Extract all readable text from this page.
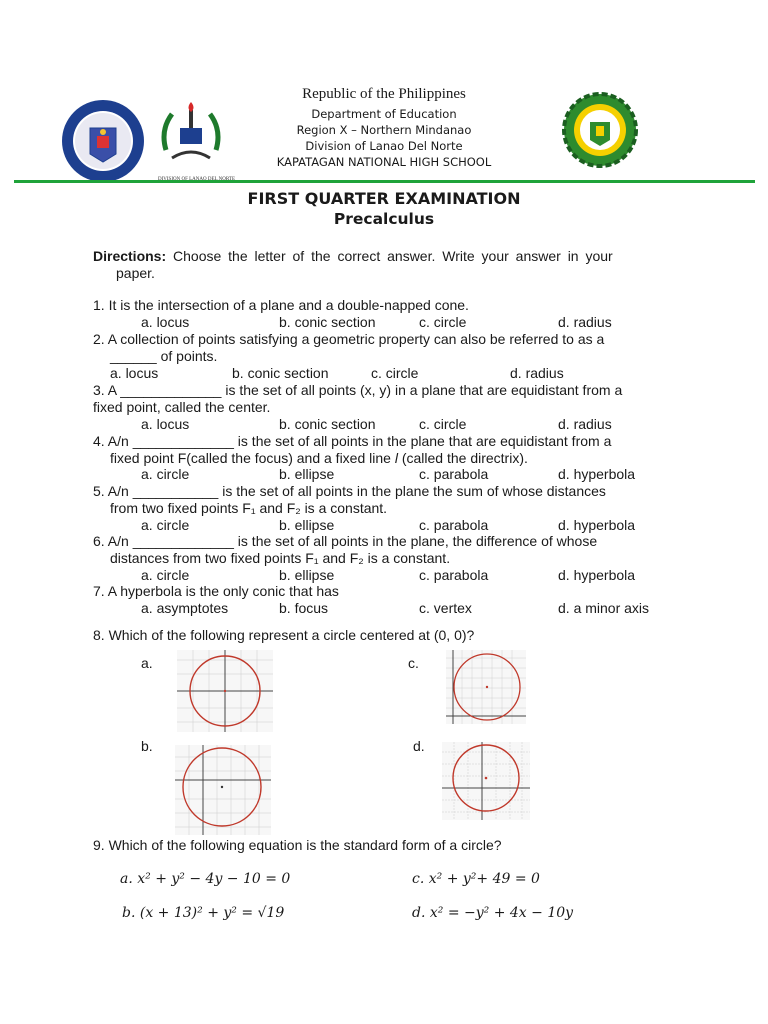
Republic of the Philippines
Department of Education
Region X – Northern Mindanao
Division of Lanao Del Norte
KAPATAGAN NATIONAL HIGH SCHOOL
FIRST QUARTER EXAMINATION
Precalculus
Directions: Choose the letter of the correct answer. Write your answer in your
paper.
1. It is the intersection of a plane and a double-napped cone.
a. locus	b. conic section	c. circle	d. radius
2. A collection of points satisfying a geometric property can also be referred to as a
______ of points.
a. locus	b. conic section	c. circle	d. radius
3. A _____________ is the set of all points (x, y) in a plane that are equidistant from a
fixed point, called the center.
a. locus	b. conic section	c. circle	d. radius
4. A/n _____________ is the set of all points in the plane that are equidistant from a
fixed point F(called the focus) and a fixed line l (called the directrix).
a. circle	b. ellipse	c. parabola	d. hyperbola
5. A/n ___________ is the set of all points in the plane the sum of whose distances
from two fixed points F₁ and F₂ is a constant.
a. circle	b. ellipse	c. parabola	d. hyperbola
6. A/n _____________ is the set of all points in the plane, the difference of whose
distances from two fixed points F₁ and F₂ is a constant.
a. circle	b. ellipse	c. parabola	d. hyperbola
7. A hyperbola is the only conic that has
a. asymptotes	b. focus	c. vertex	d. a minor axis
8. Which of the following represent a circle centered at (0, 0)?
a.
b.
c.
d.
9. Which of the following equation is the standard form of a circle?
a. x² + y² − 4y − 10 = 0	c. x² + y²+ 49 = 0
b. (x + 13)² + y² = √19	d. x² = −y² + 4x − 10y
